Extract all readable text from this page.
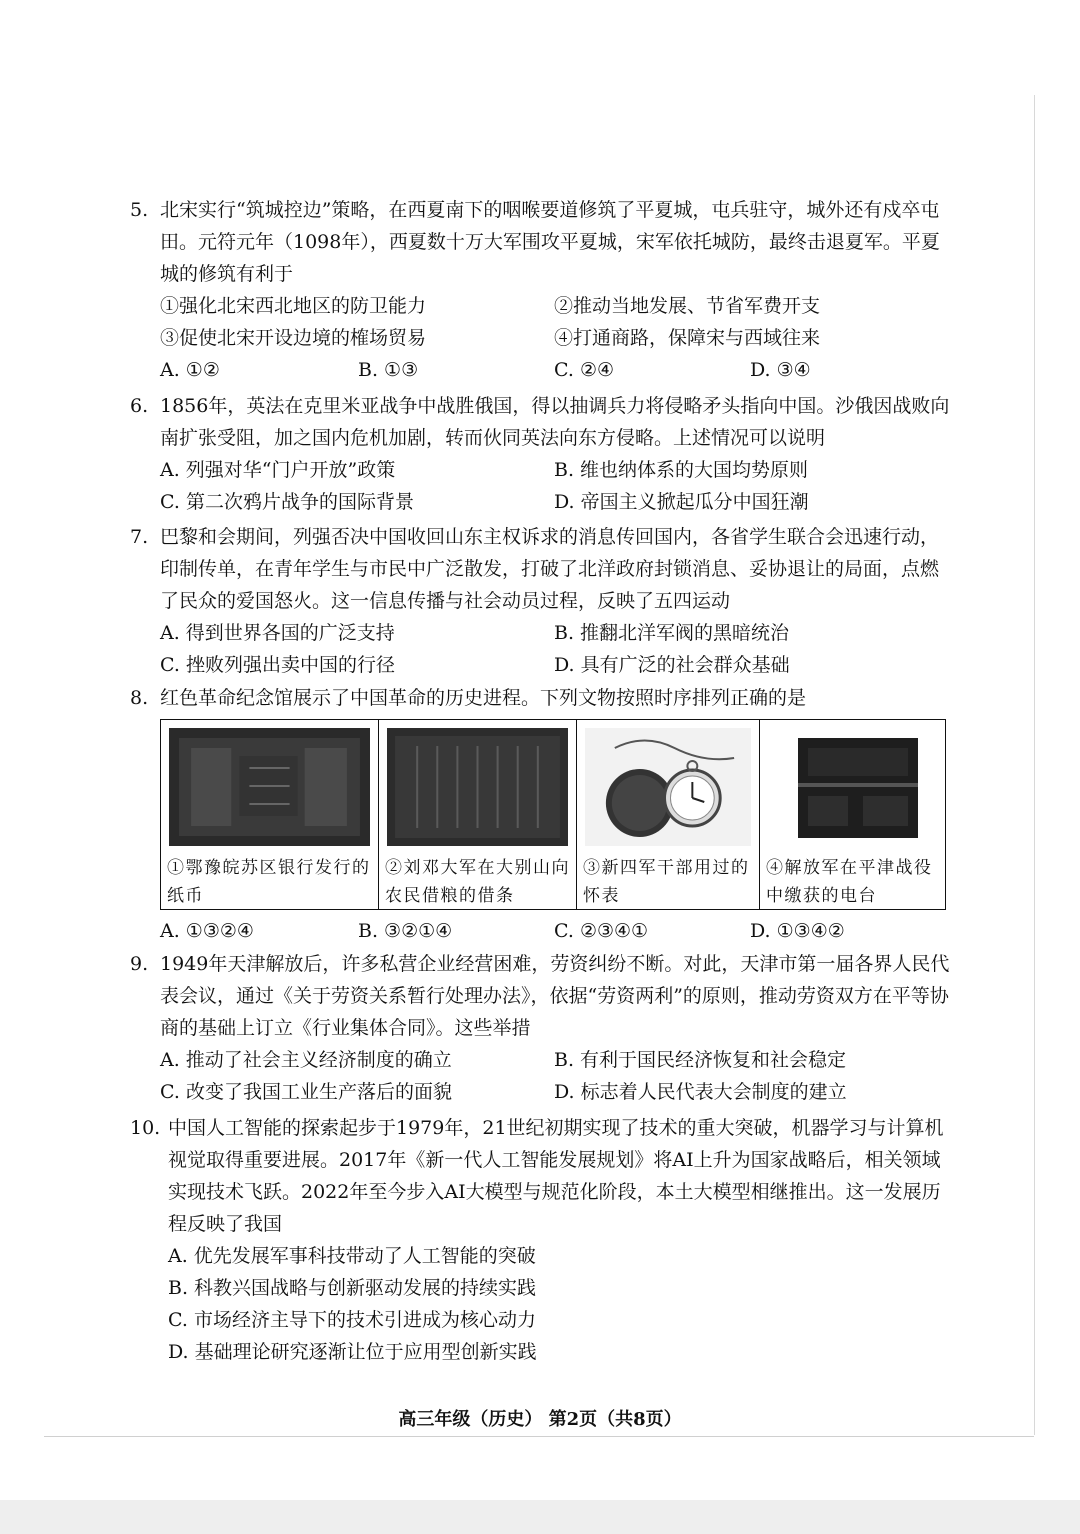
5. 北宋实行“筑城控边”策略，在西夏南下的咽喉要道修筑了平夏城，屯兵驻守，城外还有戍卒屯田。元符元年（1098年），西夏数十万大军围攻平夏城，宋军依托城防，最终击退夏军。平夏城的修筑有利于
①强化北宋西北地区的防卫能力	②推动当地发展、节省军费开支
③促使北宋开设边境的榷场贸易	④打通商路，保障宋与西域往来
A. ①②	B. ①③	C. ②④	D. ③④
6. 1856年，英法在克里米亚战争中战胜俄国，得以抽调兵力将侵略矛头指向中国。沙俄因战败向南扩张受阻，加之国内危机加剧，转而伙同英法向东方侵略。上述情况可以说明
A. 列强对华“门户开放”政策	B. 维也纳体系的大国均势原则
C. 第二次鸦片战争的国际背景	D. 帝国主义掀起瓜分中国狂潮
7. 巴黎和会期间，列强否决中国收回山东主权诉求的消息传回国内，各省学生联合会迅速行动，印制传单，在青年学生与市民中广泛散发，打破了北洋政府封锁消息、妥协退让的局面，点燃了民众的爱国怒火。这一信息传播与社会动员过程，反映了五四运动
A. 得到世界各国的广泛支持	B. 推翻北洋军阀的黑暗统治
C. 挫败列强出卖中国的行径	D. 具有广泛的社会群众基础
8. 红色革命纪念馆展示了中国革命的历史进程。下列文物按照时序排列正确的是
①鄂豫皖苏区银行发行的纸币
②刘邓大军在大别山向农民借粮的借条
③新四军干部用过的怀表
④解放军在平津战役中缴获的电台
A. ①③②④	B. ③②①④	C. ②③④①	D. ①③④②
9. 1949年天津解放后，许多私营企业经营困难，劳资纠纷不断。对此，天津市第一届各界人民代表会议，通过《关于劳资关系暂行处理办法》，依据“劳资两利”的原则，推动劳资双方在平等协商的基础上订立《行业集体合同》。这些举措
A. 推动了社会主义经济制度的确立	B. 有利于国民经济恢复和社会稳定
C. 改变了我国工业生产落后的面貌	D. 标志着人民代表大会制度的建立
10. 中国人工智能的探索起步于1979年，21世纪初期实现了技术的重大突破，机器学习与计算机视觉取得重要进展。2017年《新一代人工智能发展规划》将AI上升为国家战略后，相关领域实现技术飞跃。2022年至今步入AI大模型与规范化阶段，本土大模型相继推出。这一发展历程反映了我国
A. 优先发展军事科技带动了人工智能的突破
B. 科教兴国战略与创新驱动发展的持续实践
C. 市场经济主导下的技术引进成为核心动力
D. 基础理论研究逐渐让位于应用型创新实践
高三年级（历史） 第2页（共8页）
